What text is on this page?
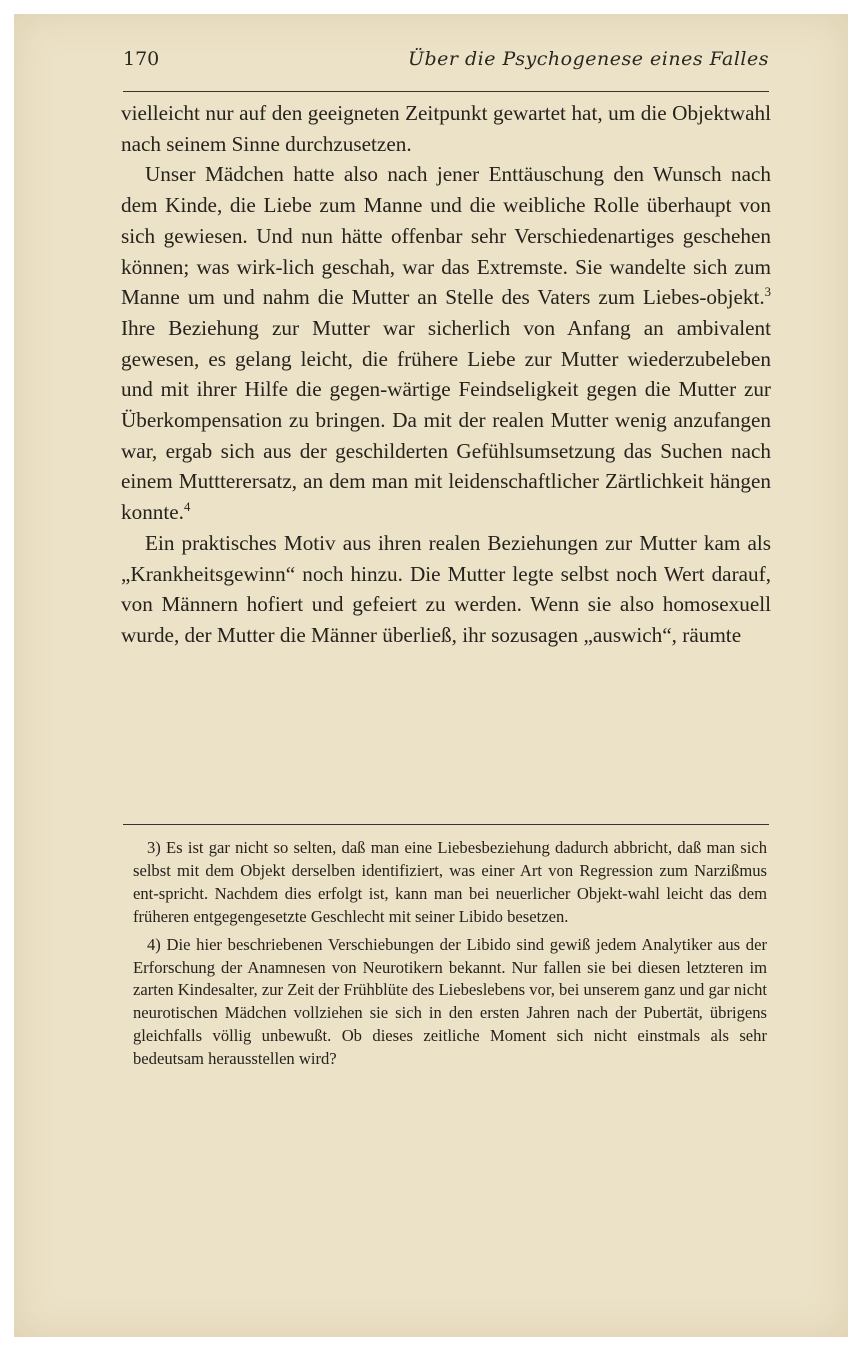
170	Über die Psychogenese eines Falles

vielleicht nur auf den geeigneten Zeitpunkt gewartet hat, um die Objektwahl nach seinem Sinne durchzusetzen.

Unser Mädchen hatte also nach jener Enttäuschung den Wunsch nach dem Kinde, die Liebe zum Manne und die weibliche Rolle überhaupt von sich gewiesen. Und nun hätte offenbar sehr Verschiedenartiges geschehen können; was wirk-lich geschah, war das Extremste. Sie wandelte sich zum Manne um und nahm die Mutter an Stelle des Vaters zum Liebes-objekt.$^3$ Ihre Beziehung zur Mutter war sicherlich von Anfang an ambivalent gewesen, es gelang leicht, die frühere Liebe zur Mutter wiederzubeleben und mit ihrer Hilfe die gegen-wärtige Feindseligkeit gegen die Mutter zur Überkompensation zu bringen. Da mit der realen Mutter wenig anzufangen war, ergab sich aus der geschilderten Gefühlsumsetzung das Suchen nach einem Muttterersatz, an dem man mit leidenschaftlicher Zärtlichkeit hängen konnte.$^4$

Ein praktisches Motiv aus ihren realen Beziehungen zur Mutter kam als „Krankheitsgewinn“ noch hinzu. Die Mutter legte selbst noch Wert darauf, von Männern hofiert und gefeiert zu werden. Wenn sie also homosexuell wurde, der Mutter die Männer überließ, ihr sozusagen „auswich“, räumte

3) Es ist gar nicht so selten, daß man eine Liebesbeziehung dadurch abbricht, daß man sich selbst mit dem Objekt derselben identifiziert, was einer Art von Regression zum Narzißmus ent-spricht. Nachdem dies erfolgt ist, kann man bei neuerlicher Objekt-wahl leicht das dem früheren entgegengesetzte Geschlecht mit seiner Libido besetzen.

4) Die hier beschriebenen Verschiebungen der Libido sind gewiß jedem Analytiker aus der Erforschung der Anamnesen von Neurotikern bekannt. Nur fallen sie bei diesen letzteren im zarten Kindesalter, zur Zeit der Frühblüte des Liebeslebens vor, bei unserem ganz und gar nicht neurotischen Mädchen vollziehen sie sich in den ersten Jahren nach der Pubertät, übrigens gleichfalls völlig unbewußt. Ob dieses zeitliche Moment sich nicht einstmals als sehr bedeutsam herausstellen wird?
